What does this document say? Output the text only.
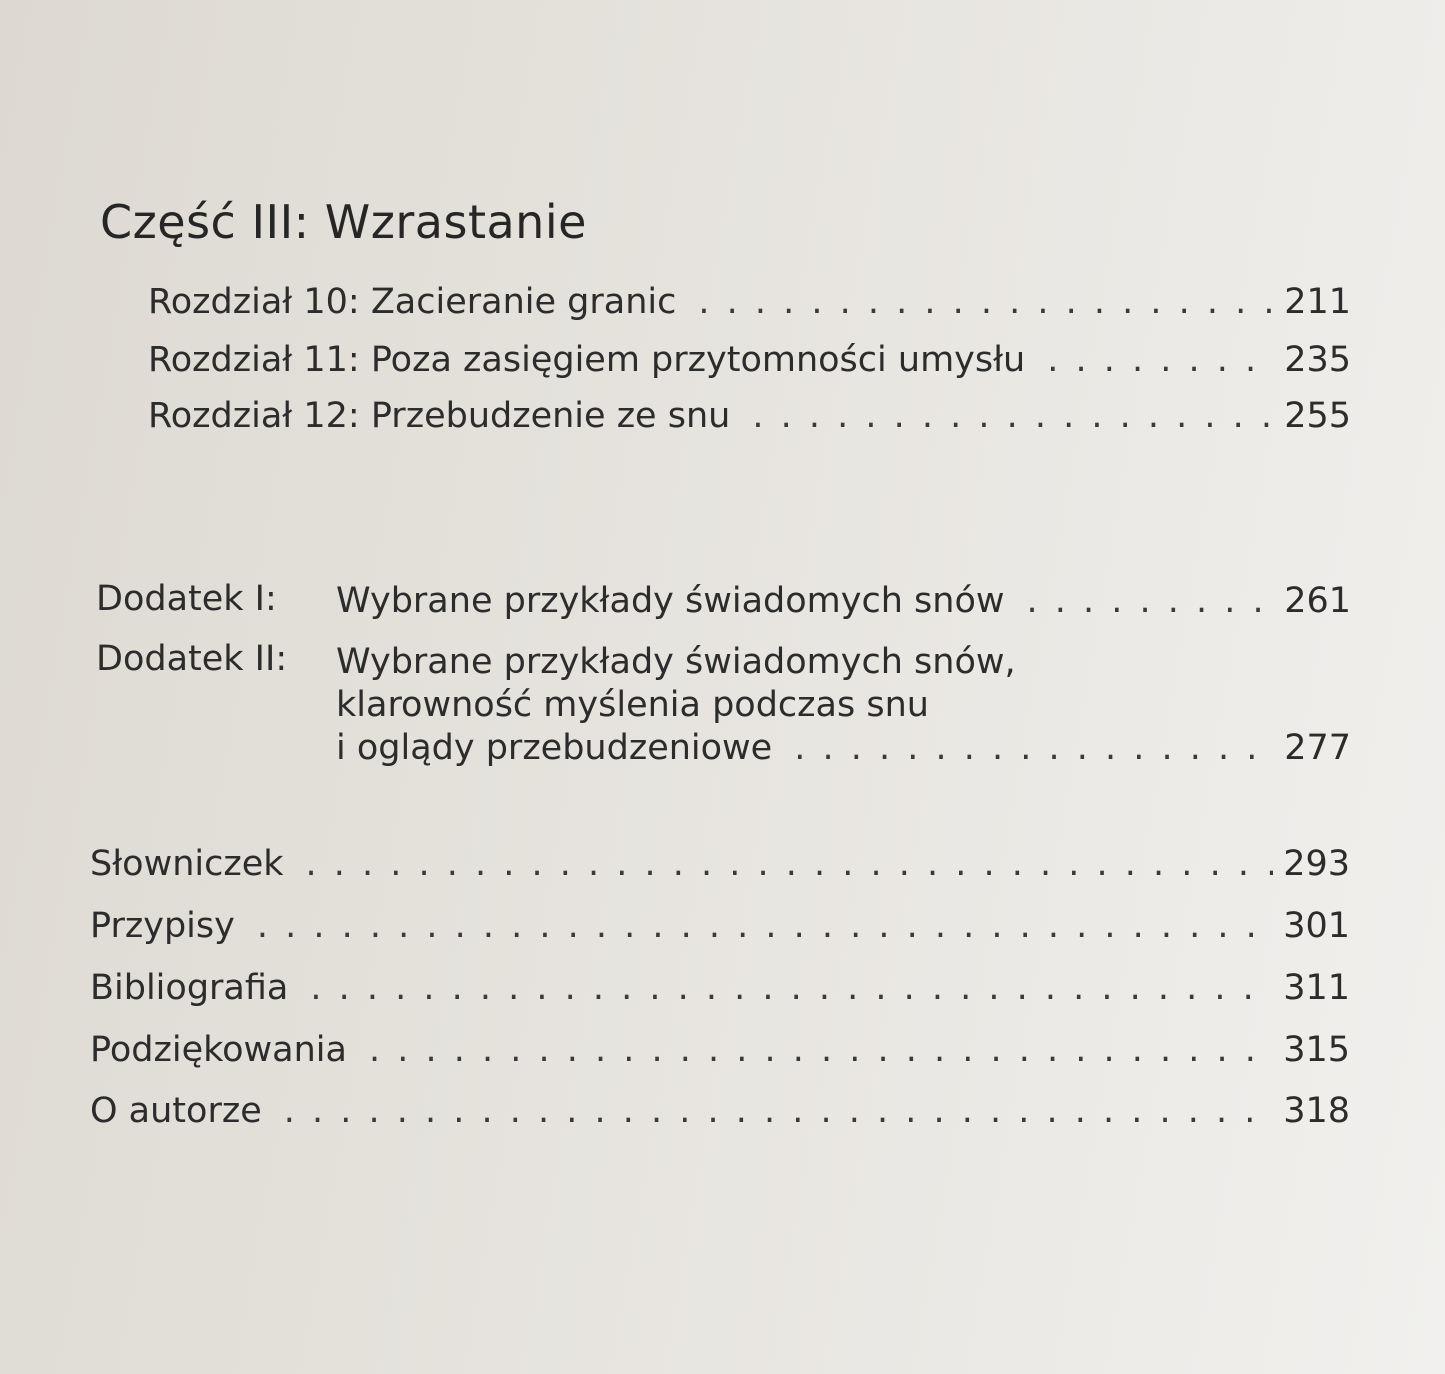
Część III: Wzrastanie
Rozdział 10: Zacieranie granic . . .	211
Rozdział 11: Poza zasięgiem przytomności umysłu . . .	235
Rozdział 12: Przebudzenie ze snu . . .	255
Dodatek I: Wybrane przykłady świadomych snów . . .	261
Dodatek II: Wybrane przykłady świadomych snów,
klarowność myślenia podczas snu
i oglądy przebudzeniowe . . .	277
Słowniczek . . .	293
Przypisy . . .	301
Bibliografia . . .	311
Podziękowania . . .	315
O autorze . . .	318
